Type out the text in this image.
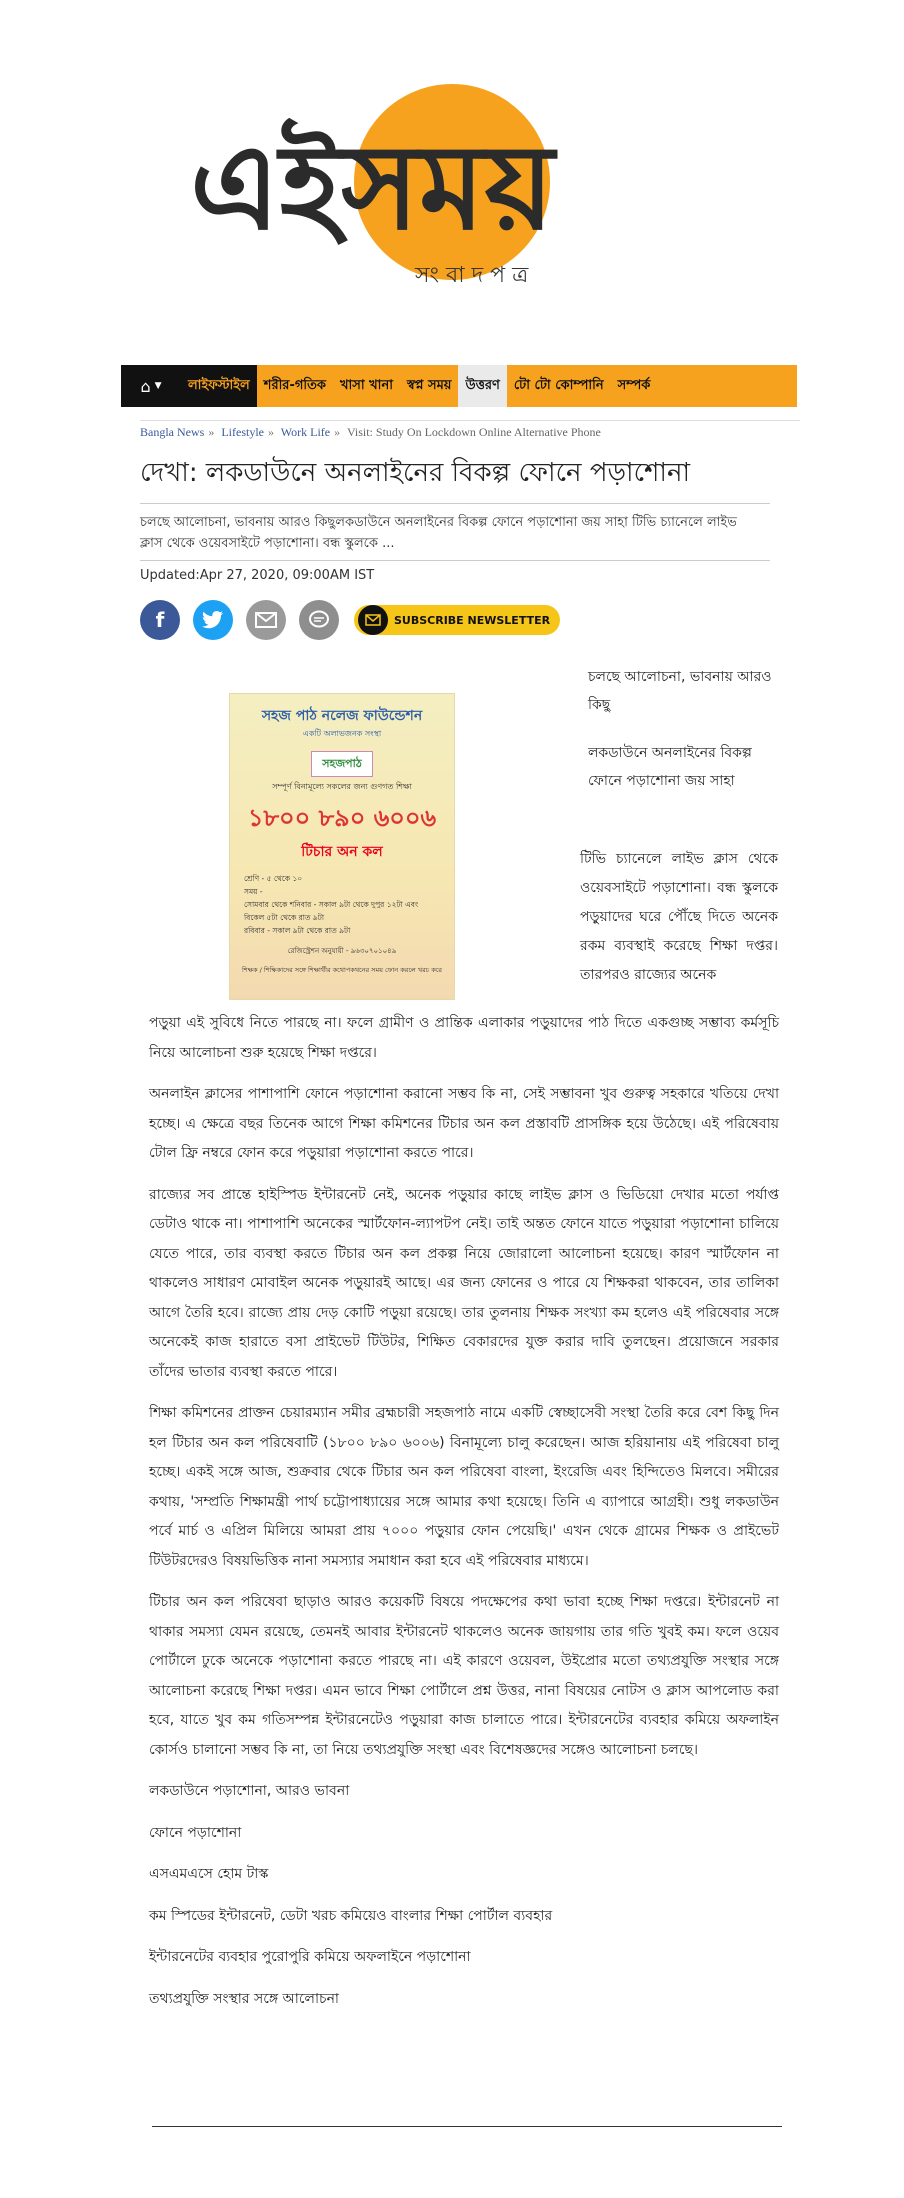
এইসময়
সং বা দ প ত্র
⌂ ▼	লাইফস্টাইল	শরীর-গতিক	খাসা খানা	স্বপ্ন সময়	উত্তরণ	টো টো কোম্পানি	সম্পর্ক
Bangla News » Lifestyle » Work Life » Visit: Study On Lockdown Online Alternative Phone
দেখা: লকডাউনে অনলাইনের বিকল্প ফোনে পড়াশোনা
চলছে আলোচনা, ভাবনায় আরও কিছুলকডাউনে অনলাইনের বিকল্প ফোনে পড়াশোনা জয় সাহা টিভি চ্যানেলে লাইভ ক্লাস থেকে ওয়েবসাইটে পড়াশোনা। বন্ধ স্কুলকে ...
Updated:Apr 27, 2020, 09:00AM IST
f	SUBSCRIBE NEWSLETTER
সহজ পাঠ নলেজ ফাউন্ডেশন
একটি অলাভজনক সংস্থা
সহজপাঠ
সম্পূর্ণ বিনামূল্যে সকলের জন্য গুণগত শিক্ষা
১৮০০ ৮৯০ ৬০০৬
টিচার অন কল
শ্রেণি - ৫ থেকে ১০
সময় -
সোমবার থেকে শনিবার - সকাল ৯টা থেকে দুপুর ১২টা এবং বিকেল ৫টা থেকে রাত ৯টা
রবিবার - সকাল ৯টা থেকে রাত ৯টা
রেজিস্ট্রেশন অনুযায়ী - ৯৬৩০৭০১০৪৯
শিক্ষক / শিক্ষিকাদের সঙ্গে শিক্ষার্থীর কথোপকথনের সময় ফোন করলে খরচ করে

চলছে আলোচনা, ভাবনায় আরও কিছু

লকডাউনে অনলাইনের বিকল্প ফোনে পড়াশোনা জয় সাহা

টিভি চ্যানেলে লাইভ ক্লাস থেকে ওয়েবসাইটে পড়াশোনা। বন্ধ স্কুলকে পড়ুয়াদের ঘরে পৌঁছে দিতে অনেক রকম ব্যবস্থাই করেছে শিক্ষা দপ্তর। তারপরও রাজ্যের অনেক

পড়ুয়া এই সুবিধে নিতে পারছে না। ফলে গ্রামীণ ও প্রান্তিক এলাকার পড়ুয়াদের পাঠ দিতে একগুচ্ছ সম্ভাব্য কর্মসূচি নিয়ে আলোচনা শুরু হয়েছে শিক্ষা দপ্তরে।

অনলাইন ক্লাসের পাশাপাশি ফোনে পড়াশোনা করানো সম্ভব কি না, সেই সম্ভাবনা খুব গুরুত্ব সহকারে খতিয়ে দেখা হচ্ছে। এ ক্ষেত্রে বছর তিনেক আগে শিক্ষা কমিশনের টিচার অন কল প্রস্তাবটি প্রাসঙ্গিক হয়ে উঠেছে। এই পরিষেবায় টোল ফ্রি নম্বরে ফোন করে পড়ুয়ারা পড়াশোনা করতে পারে।

রাজ্যের সব প্রান্তে হাইস্পিড ইন্টারনেট নেই, অনেক পড়ুয়ার কাছে লাইভ ক্লাস ও ভিডিয়ো দেখার মতো পর্যাপ্ত ডেটাও থাকে না। পাশাপাশি অনেকের স্মার্টফোন-ল্যাপটপ নেই। তাই অন্তত ফোনে যাতে পড়ুয়ারা পড়াশোনা চালিয়ে যেতে পারে, তার ব্যবস্থা করতে টিচার অন কল প্রকল্প নিয়ে জোরালো আলোচনা হয়েছে। কারণ স্মার্টফোন না থাকলেও সাধারণ মোবাইল অনেক পড়ুয়ারই আছে। এর জন্য ফোনের ও পারে যে শিক্ষকরা থাকবেন, তার তালিকা আগে তৈরি হবে। রাজ্যে প্রায় দেড় কোটি পড়ুয়া রয়েছে। তার তুলনায় শিক্ষক সংখ্যা কম হলেও এই পরিষেবার সঙ্গে অনেকেই কাজ হারাতে বসা প্রাইভেট টিউটর, শিক্ষিত বেকারদের যুক্ত করার দাবি তুলছেন। প্রয়োজনে সরকার তাঁদের ভাতার ব্যবস্থা করতে পারে।

শিক্ষা কমিশনের প্রাক্তন চেয়ারম্যান সমীর ব্রহ্মচারী সহজপাঠ নামে একটি স্বেচ্ছাসেবী সংস্থা তৈরি করে বেশ কিছু দিন হল টিচার অন কল পরিষেবাটি (১৮০০ ৮৯০ ৬০০৬) বিনামূল্যে চালু করেছেন। আজ হরিয়ানায় এই পরিষেবা চালু হচ্ছে। একই সঙ্গে আজ, শুক্রবার থেকে টিচার অন কল পরিষেবা বাংলা, ইংরেজি এবং হিন্দিতেও মিলবে। সমীরের কথায়, 'সম্প্রতি শিক্ষামন্ত্রী পার্থ চট্টোপাধ্যায়ের সঙ্গে আমার কথা হয়েছে। তিনি এ ব্যাপারে আগ্রহী। শুধু লকডাউন পর্বে মার্চ ও এপ্রিল মিলিয়ে আমরা প্রায় ৭০০০ পড়ুয়ার ফোন পেয়েছি।' এখন থেকে গ্রামের শিক্ষক ও প্রাইভেট টিউটরদেরও বিষয়ভিত্তিক নানা সমস্যার সমাধান করা হবে এই পরিষেবার মাধ্যমে।

টিচার অন কল পরিষেবা ছাড়াও আরও কয়েকটি বিষয়ে পদক্ষেপের কথা ভাবা হচ্ছে শিক্ষা দপ্তরে। ইন্টারনেট না থাকার সমস্যা যেমন রয়েছে, তেমনই আবার ইন্টারনেট থাকলেও অনেক জায়গায় তার গতি খুবই কম। ফলে ওয়েব পোর্টালে ঢুকে অনেকে পড়াশোনা করতে পারছে না। এই কারণে ওয়েবল, উইপ্রোর মতো তথ্যপ্রযুক্তি সংস্থার সঙ্গে আলোচনা করেছে শিক্ষা দপ্তর। এমন ভাবে শিক্ষা পোর্টালে প্রশ্ন উত্তর, নানা বিষয়ের নোটস ও ক্লাস আপলোড করা হবে, যাতে খুব কম গতিসম্পন্ন ইন্টারনেটেও পড়ুয়ারা কাজ চালাতে পারে। ইন্টারনেটের ব্যবহার কমিয়ে অফলাইন কোর্সও চালানো সম্ভব কি না, তা নিয়ে তথ্যপ্রযুক্তি সংস্থা এবং বিশেষজ্ঞদের সঙ্গেও আলোচনা চলছে।

লকডাউনে পড়াশোনা, আরও ভাবনা

ফোনে পড়াশোনা

এসএমএসে হোম টাস্ক

কম স্পিডের ইন্টারনেট, ডেটা খরচ কমিয়েও বাংলার শিক্ষা পোর্টাল ব্যবহার

ইন্টারনেটের ব্যবহার পুরোপুরি কমিয়ে অফলাইনে পড়াশোনা

তথ্যপ্রযুক্তি সংস্থার সঙ্গে আলোচনা
